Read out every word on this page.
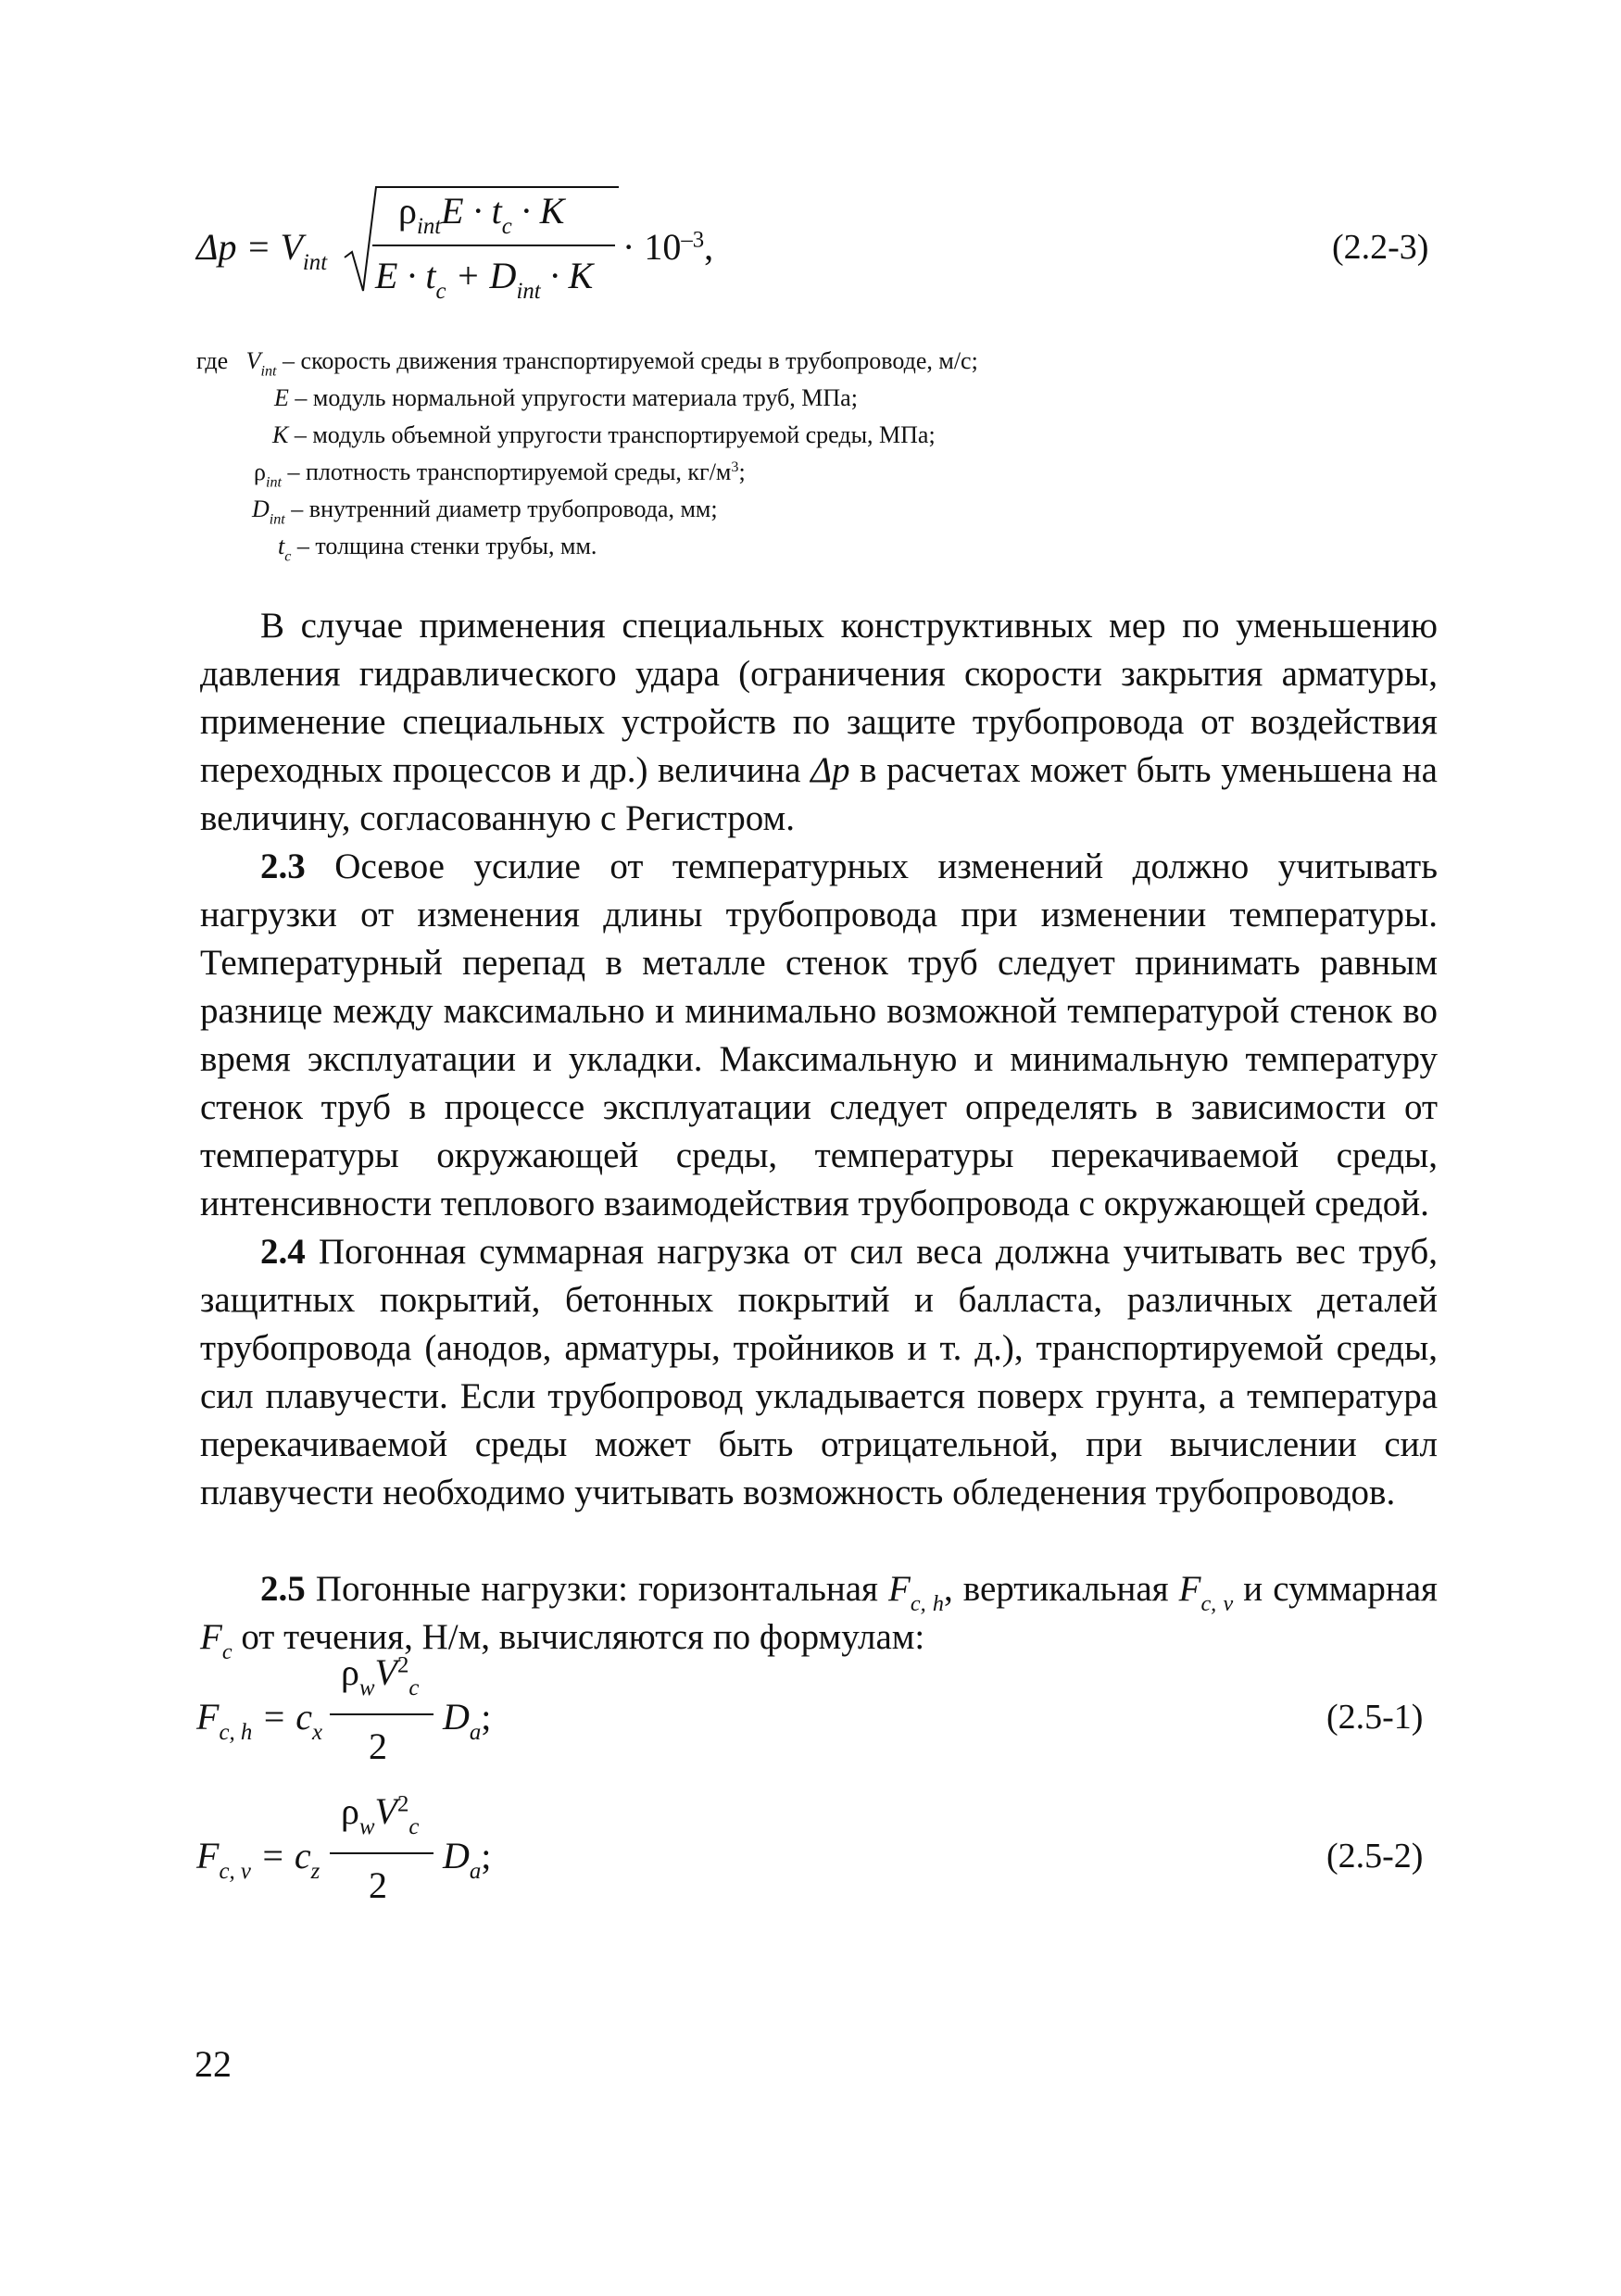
$\Delta p = V_{int}$
$\rho_{int}E \cdot t_c \cdot K$
$E \cdot t_c + D_{int} \cdot K$
· $10^{-3}$,	(2.2-3)
где $V_{int}$ – скорость движения транспортируемой среды в трубопроводе, м/с;
E – модуль нормальной упругости материала труб, МПа;
K – модуль объемной упругости транспортируемой среды, МПа;
$\rho_{int}$ – плотность транспортируемой среды, $кг/м^3$;
$D_{int}$ – внутренний диаметр трубопровода, мм;
$t_c$ – толщина стенки трубы, мм.
В случае применения специальных конструктивных мер по уменьшению давления гидравлического удара (ограничения скорости закрытия арматуры, применение специальных устройств по защите трубопровода от воздействия переходных процессов и др.) величина Δp в расчетах может быть уменьшена на величину, согласованную с Регистром.
2.3 Осевое усилие от температурных изменений должно учитывать нагрузки от изменения длины трубопровода при изменении температуры. Температурный перепад в металле стенок труб следует принимать равным разнице между максимально и минимально возможной температурой стенок во время эксплуатации и укладки. Максимальную и минимальную температуру стенок труб в процессе эксплуатации следует определять в зависимости от температуры окружающей среды, температуры перекачиваемой среды, интенсивности теплового взаимодействия трубопровода с окружающей средой.
2.4 Погонная суммарная нагрузка от сил веса должна учитывать вес труб, защитных покрытий, бетонных покрытий и балласта, различных деталей трубопровода (анодов, арматуры, тройников и т. д.), транспортируемой среды, сил плавучести. Если трубопровод укладывается поверх грунта, а температура перекачиваемой среды может быть отрицательной, при вычислении сил плавучести необходимо учитывать возможность обледенения трубопроводов.
2.5 Погонные нагрузки: горизонтальная $F_{c, h}$, вертикальная $F_{c, v}$ и суммарная $F_c$ от течения, Н/м, вычисляются по формулам:
$F_{c, h} = c_x$
$\rho_wV^2_c$
2
$D_a$;	(2.5-1)
$F_{c, v} = c_z$
$\rho_wV^2_c$
2
$D_a$;	(2.5-2)
22
